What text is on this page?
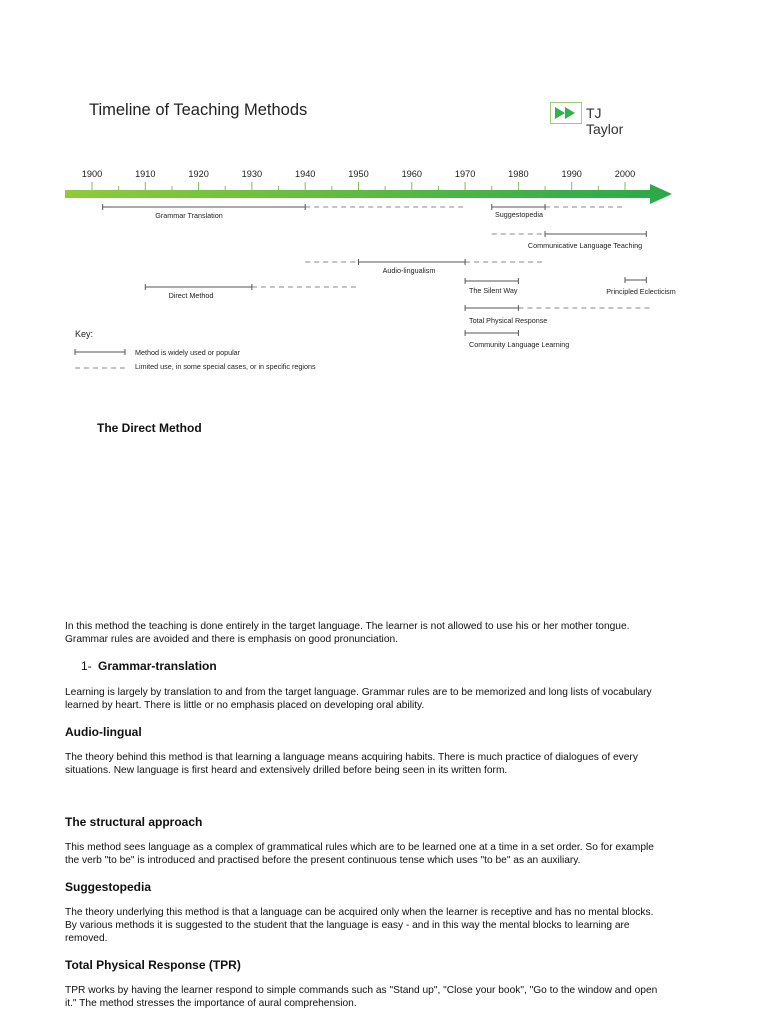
Timeline of Teaching Methods	TJ Taylor
1900	1910	1920	1930	1940	1950	1960	1970	1980	1990	2000
Grammar Translation	Suggestopedia
Communicative Language Teaching
Audio-lingualism
Direct Method
The Silent Way	Principled Eclecticism
Total Physical Response
Community Language Learning
Key:
Method is widely used or popular
Limited use, in some special cases, or in specific regions
The Direct Method
In this method the teaching is done entirely in the target language. The learner is not allowed to use his or her mother tongue.
Grammar rules are avoided and there is emphasis on good pronunciation.
1- Grammar-translation
Learning is largely by translation to and from the target language. Grammar rules are to be memorized and long lists of vocabulary
learned by heart. There is little or no emphasis placed on developing oral ability.
Audio-lingual
The theory behind this method is that learning a language means acquiring habits. There is much practice of dialogues of every
situations. New language is first heard and extensively drilled before being seen in its written form.
The structural approach
This method sees language as a complex of grammatical rules which are to be learned one at a time in a set order. So for example
the verb "to be" is introduced and practised before the present continuous tense which uses "to be" as an auxiliary.
Suggestopedia
The theory underlying this method is that a language can be acquired only when the learner is receptive and has no mental blocks.
By various methods it is suggested to the student that the language is easy - and in this way the mental blocks to learning are
removed.
Total Physical Response (TPR)
TPR works by having the learner respond to simple commands such as "Stand up", "Close your book", "Go to the window and open
it." The method stresses the importance of aural comprehension.
